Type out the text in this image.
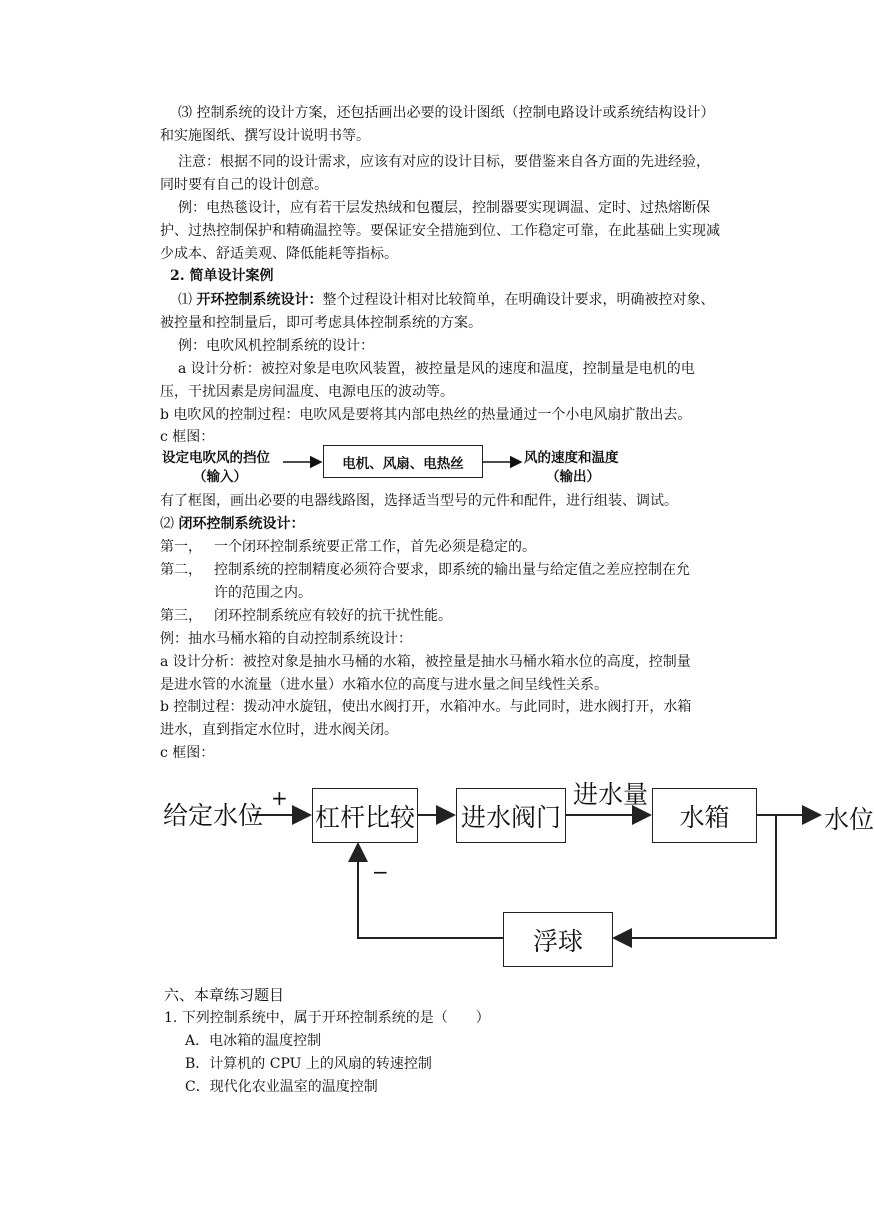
⑶ 控制系统的设计方案，还包括画出必要的设计图纸（控制电路设计或系统结构设计）
和实施图纸、撰写设计说明书等。
注意：根据不同的设计需求，应该有对应的设计目标，要借鉴来自各方面的先进经验，
同时要有自己的设计创意。
例：电热毯设计，应有若干层发热绒和包覆层，控制器要实现调温、定时、过热熔断保
护、过热控制保护和精确温控等。要保证安全措施到位、工作稳定可靠，在此基础上实现减
少成本、舒适美观、降低能耗等指标。
2. 简单设计案例
⑴ 开环控制系统设计：整个过程设计相对比较简单，在明确设计要求，明确被控对象、
被控量和控制量后，即可考虑具体控制系统的方案。
例：电吹风机控制系统的设计：
a 设计分析：被控对象是电吹风装置，被控量是风的速度和温度，控制量是电机的电
压，干扰因素是房间温度、电源电压的波动等。
b 电吹风的控制过程：电吹风是要将其内部电热丝的热量通过一个小电风扇扩散出去。
c 框图：
设定电吹风的挡位
（输入）
电机、风扇、电热丝	风的速度和温度
（输出）
有了框图，画出必要的电器线路图，选择适当型号的元件和配件，进行组装、调试。
⑵ 闭环控制系统设计：
第一， 一个闭环控制系统要正常工作，首先必须是稳定的。
第二， 控制系统的控制精度必须符合要求，即系统的输出量与给定值之差应控制在允
许的范围之内。
第三， 闭环控制系统应有较好的抗干扰性能。
例：抽水马桶水箱的自动控制系统设计：
a 设计分析：被控对象是抽水马桶的水箱，被控量是抽水马桶水箱水位的高度，控制量
是进水管的水流量（进水量）水箱水位的高度与进水量之间呈线性关系。
b 控制过程：拨动冲水旋钮，使出水阀打开，水箱冲水。与此同时，进水阀打开，水箱
进水，直到指定水位时，进水阀关闭。
c 框图：
给定水位
+
−
杠杆比较 进水阀门
进水量
水箱	水位
浮球
六、本章练习题目
1. 下列控制系统中，属于开环控制系统的是（　　）
A．电冰箱的温度控制
B．计算机的 CPU 上的风扇的转速控制
C．现代化农业温室的温度控制
